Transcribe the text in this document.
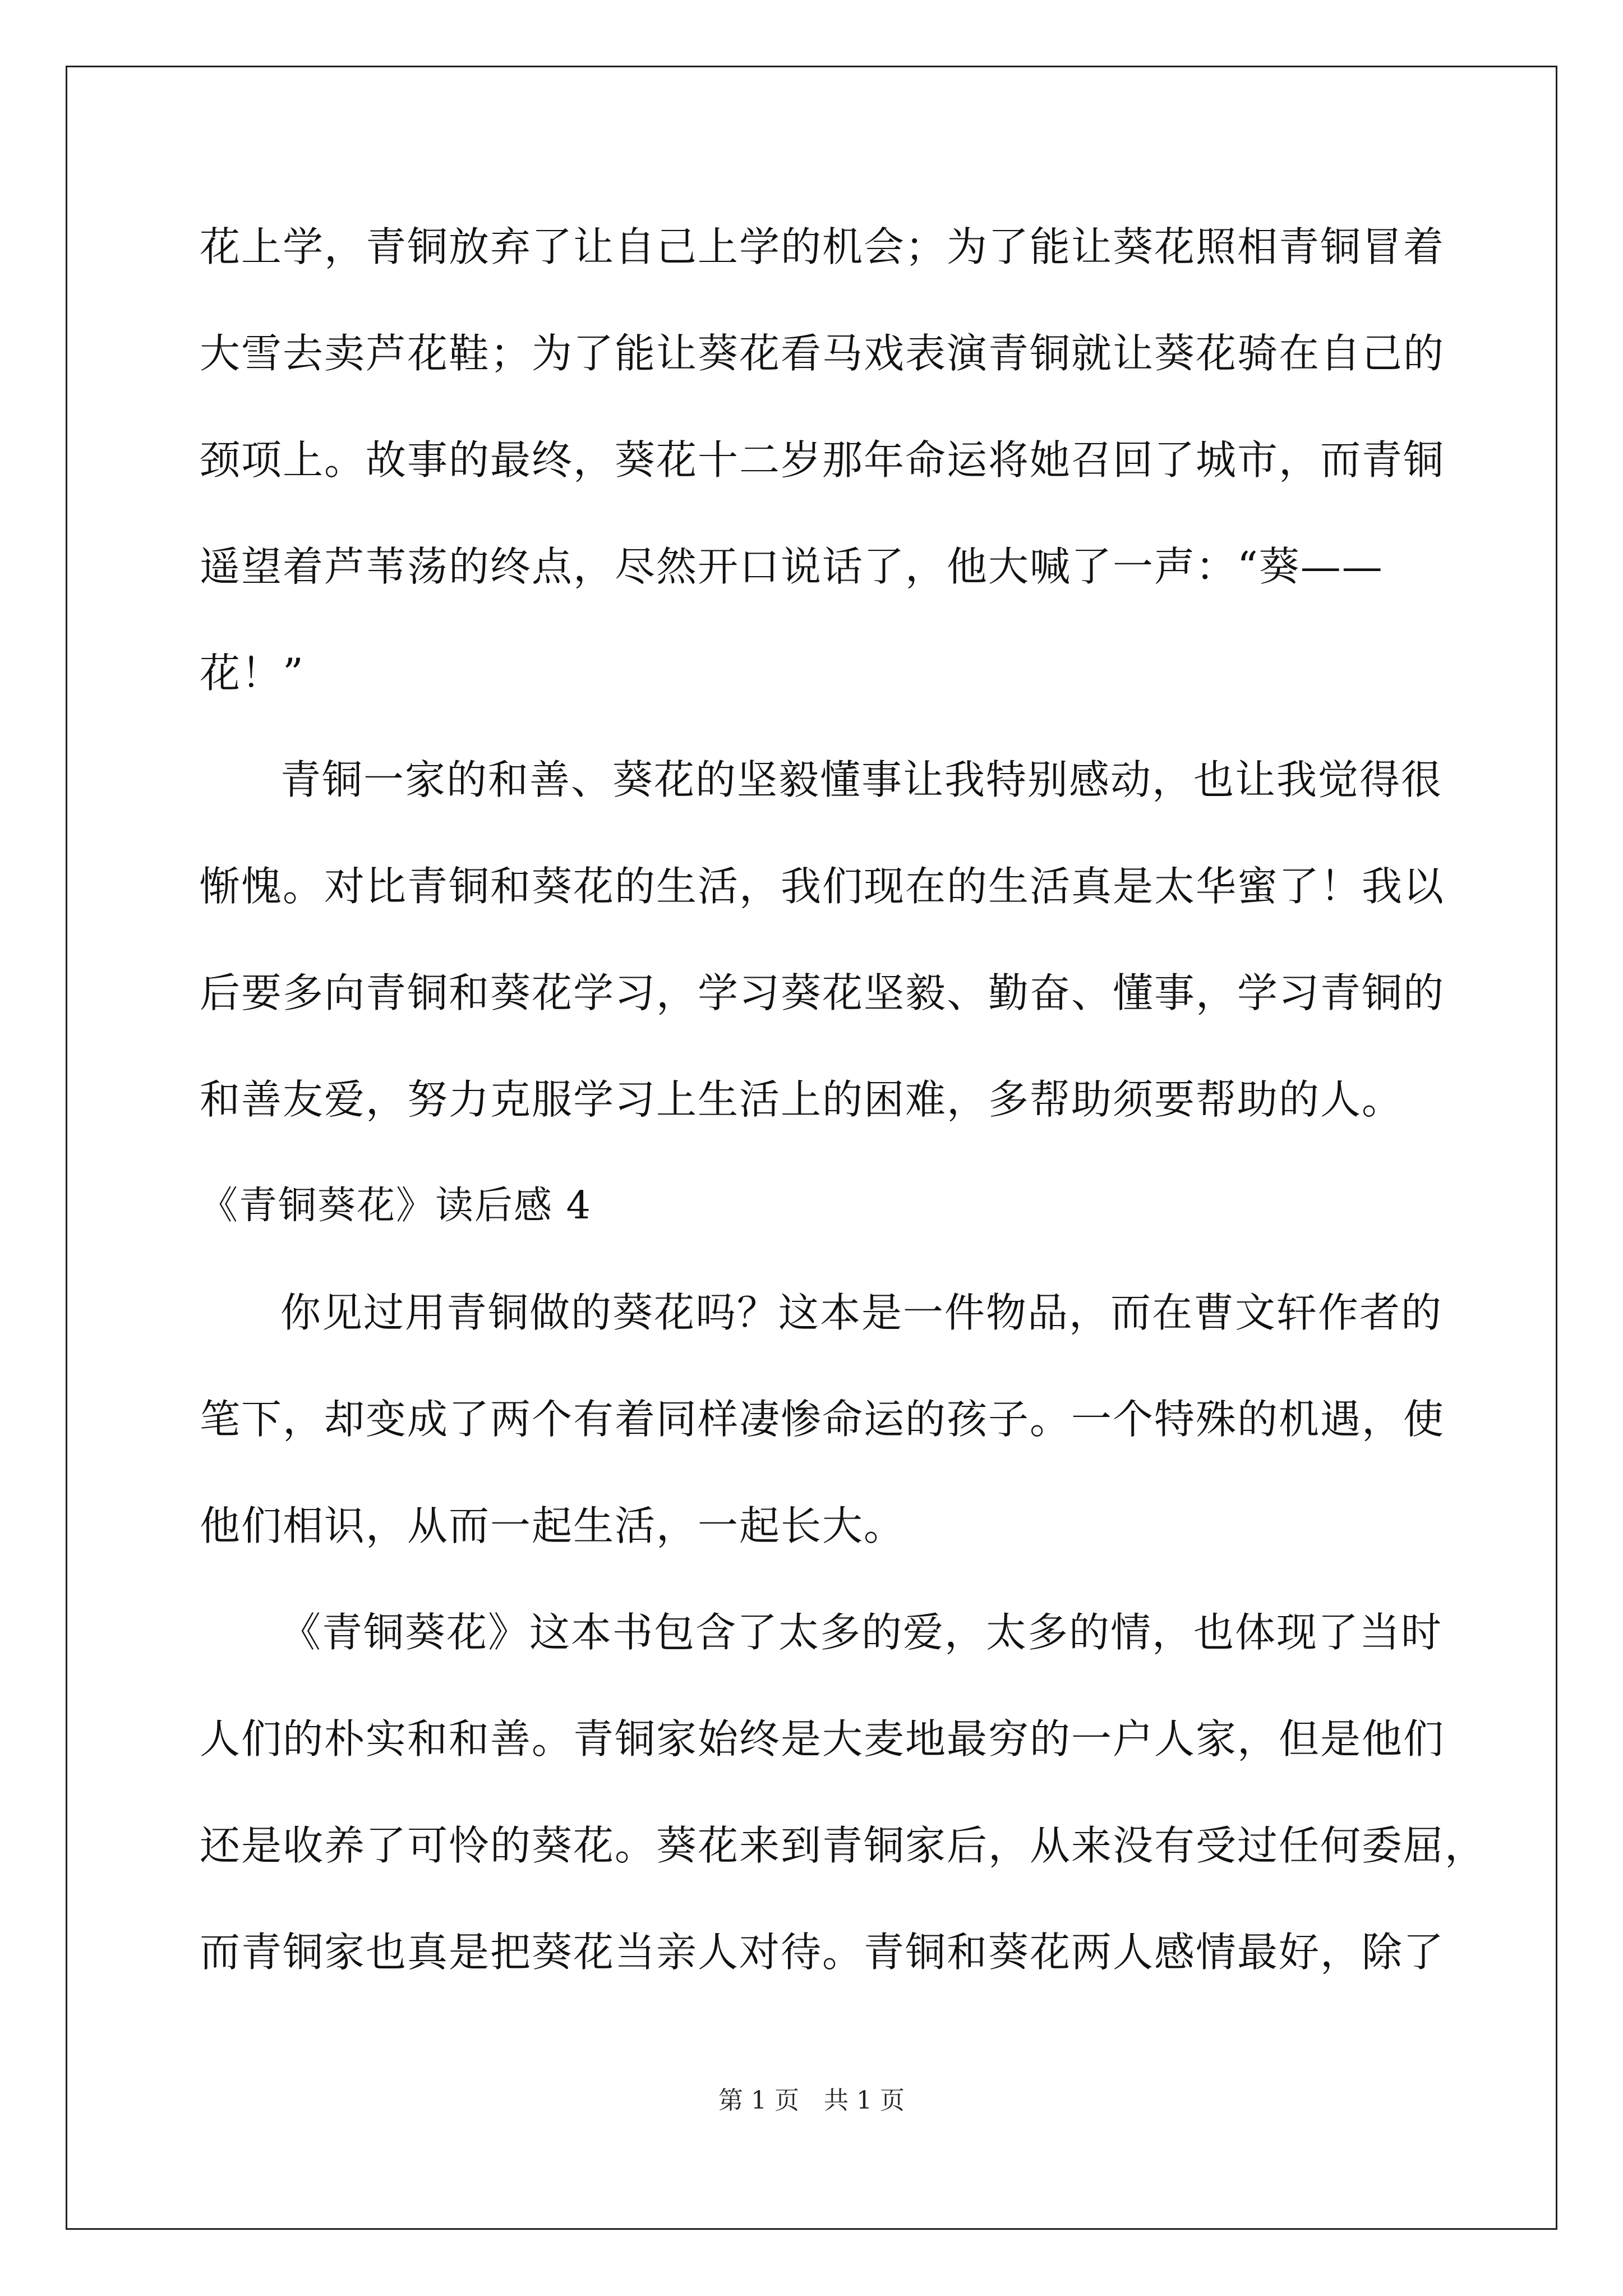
花上学，青铜放弃了让自己上学的机会；为了能让葵花照相青铜冒着
大雪去卖芦花鞋；为了能让葵花看马戏表演青铜就让葵花骑在自己的
颈项上。故事的最终，葵花十二岁那年命运将她召回了城市，而青铜
遥望着芦苇荡的终点，尽然开口说话了，他大喊了一声：“葵——
花！”
青铜一家的和善、葵花的坚毅懂事让我特别感动，也让我觉得很
惭愧。对比青铜和葵花的生活，我们现在的生活真是太华蜜了！我以
后要多向青铜和葵花学习，学习葵花坚毅、勤奋、懂事，学习青铜的
和善友爱，努力克服学习上生活上的困难，多帮助须要帮助的人。
《青铜葵花》读后感 4
你见过用青铜做的葵花吗？这本是一件物品，而在曹文轩作者的
笔下，却变成了两个有着同样凄惨命运的孩子。一个特殊的机遇，使
他们相识，从而一起生活，一起长大。
《青铜葵花》这本书包含了太多的爱，太多的情，也体现了当时
人们的朴实和和善。青铜家始终是大麦地最穷的一户人家，但是他们
还是收养了可怜的葵花。葵花来到青铜家后，从来没有受过任何委屈，
而青铜家也真是把葵花当亲人对待。青铜和葵花两人感情最好，除了
第 1 页　共 1 页
